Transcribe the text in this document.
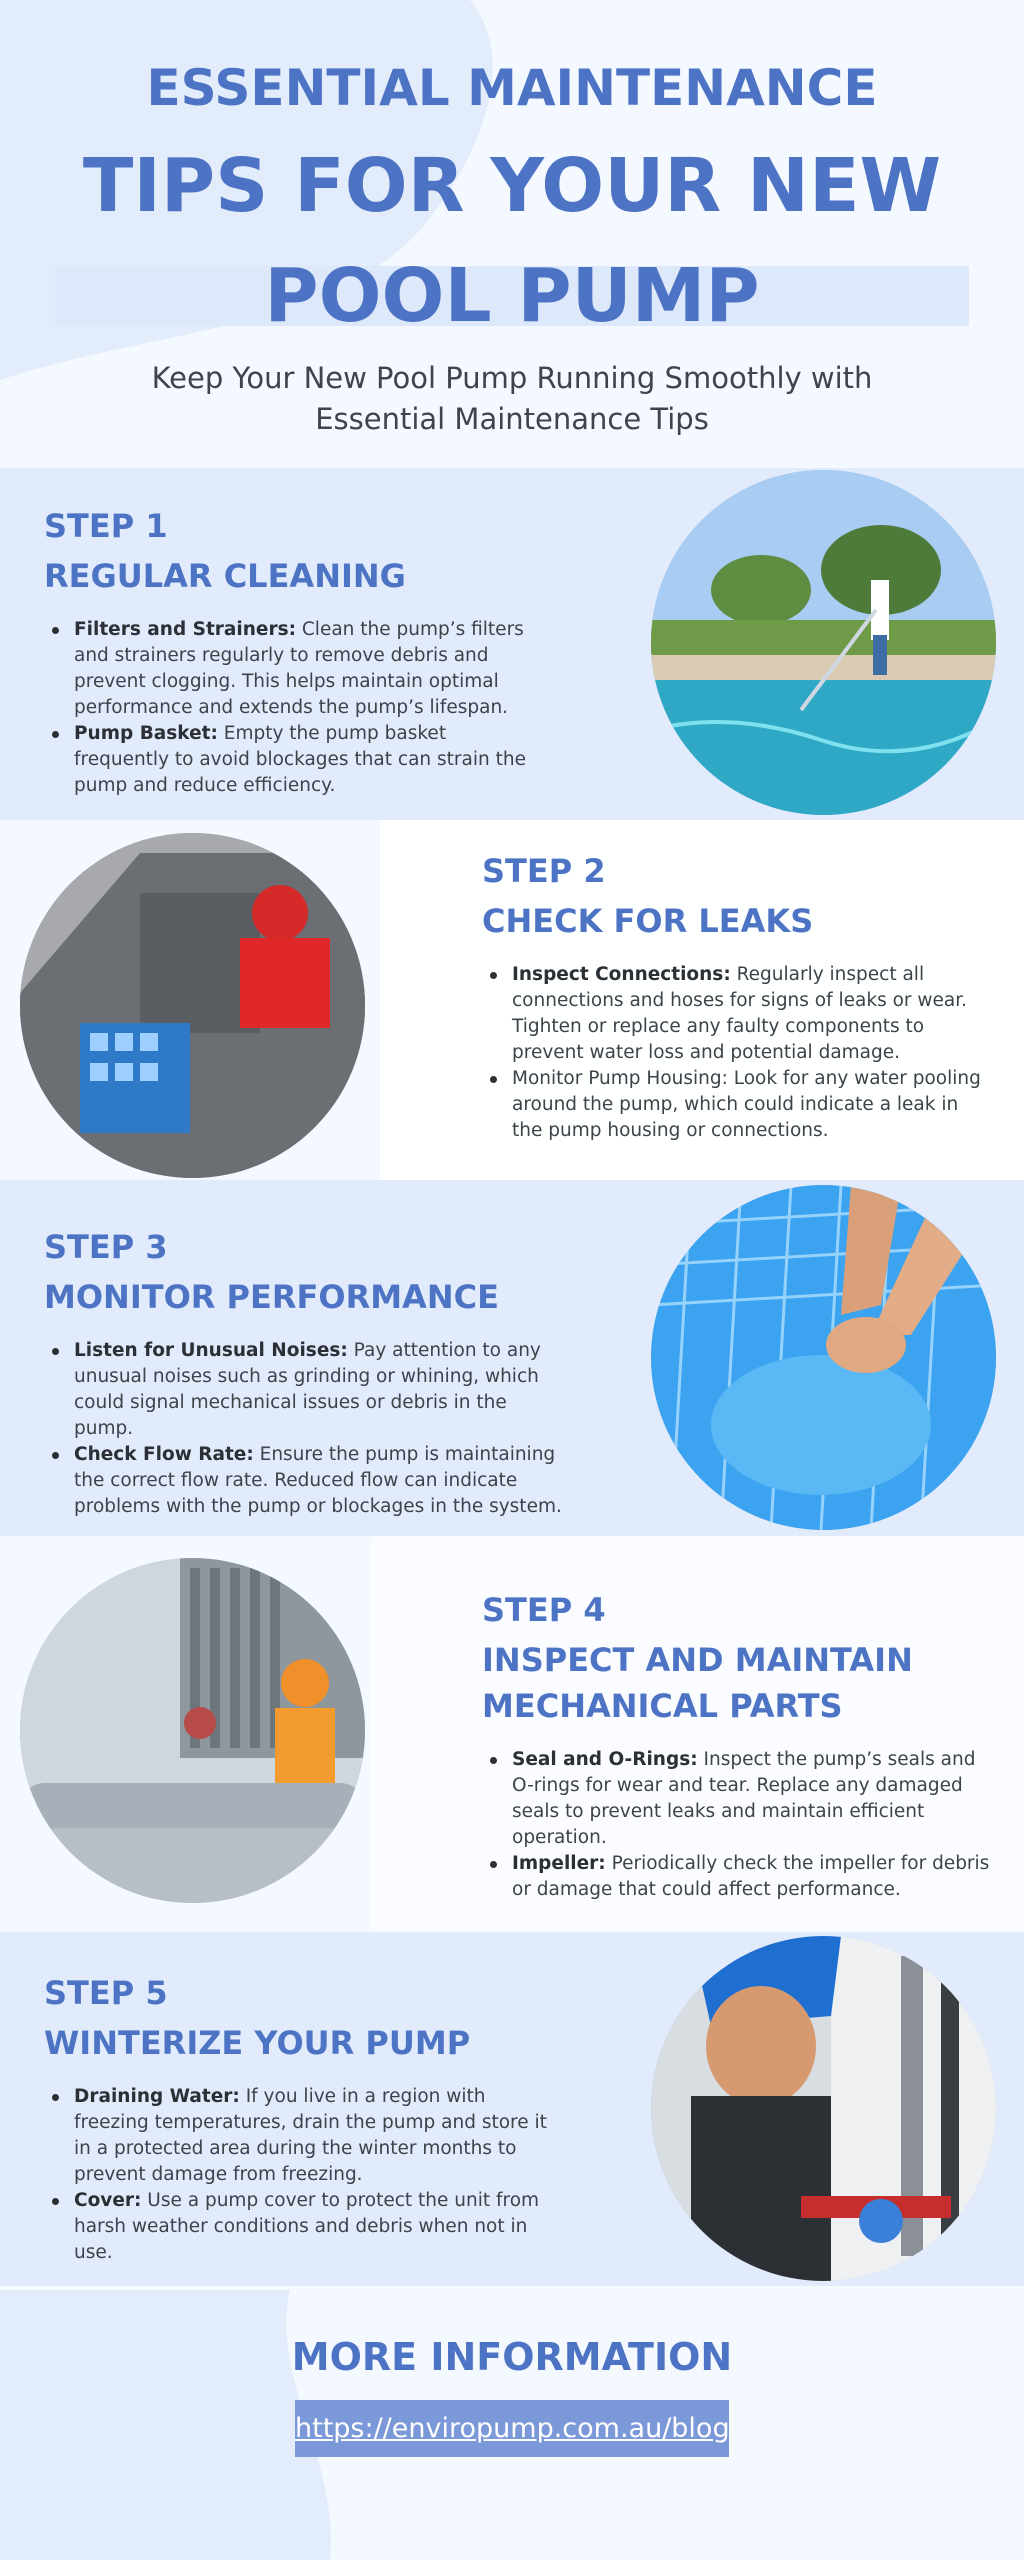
ESSENTIAL MAINTENANCE
TIPS FOR YOUR NEW
POOL PUMP
Keep Your New Pool Pump Running Smoothly with Essential Maintenance Tips
STEP 1
REGULAR CLEANING
Filters and Strainers: Clean the pump’s filters and strainers regularly to remove debris and prevent clogging. This helps maintain optimal performance and extends the pump’s lifespan.
Pump Basket: Empty the pump basket frequently to avoid blockages that can strain the pump and reduce efficiency.
STEP 2
CHECK FOR LEAKS
Inspect Connections: Regularly inspect all connections and hoses for signs of leaks or wear. Tighten or replace any faulty components to prevent water loss and potential damage.
Monitor Pump Housing: Look for any water pooling around the pump, which could indicate a leak in the pump housing or connections.
STEP 3
MONITOR PERFORMANCE
Listen for Unusual Noises: Pay attention to any unusual noises such as grinding or whining, which could signal mechanical issues or debris in the pump.
Check Flow Rate: Ensure the pump is maintaining the correct flow rate. Reduced flow can indicate problems with the pump or blockages in the system.
STEP 4
INSPECT AND MAINTAIN MECHANICAL PARTS
Seal and O-Rings: Inspect the pump’s seals and O-rings for wear and tear. Replace any damaged seals to prevent leaks and maintain efficient operation.
Impeller: Periodically check the impeller for debris or damage that could affect performance.
STEP 5
WINTERIZE YOUR PUMP
Draining Water: If you live in a region with freezing temperatures, drain the pump and store it in a protected area during the winter months to prevent damage from freezing.
Cover: Use a pump cover to protect the unit from harsh weather conditions and debris when not in use.
MORE INFORMATION
https://enviropump.com.au/blog
